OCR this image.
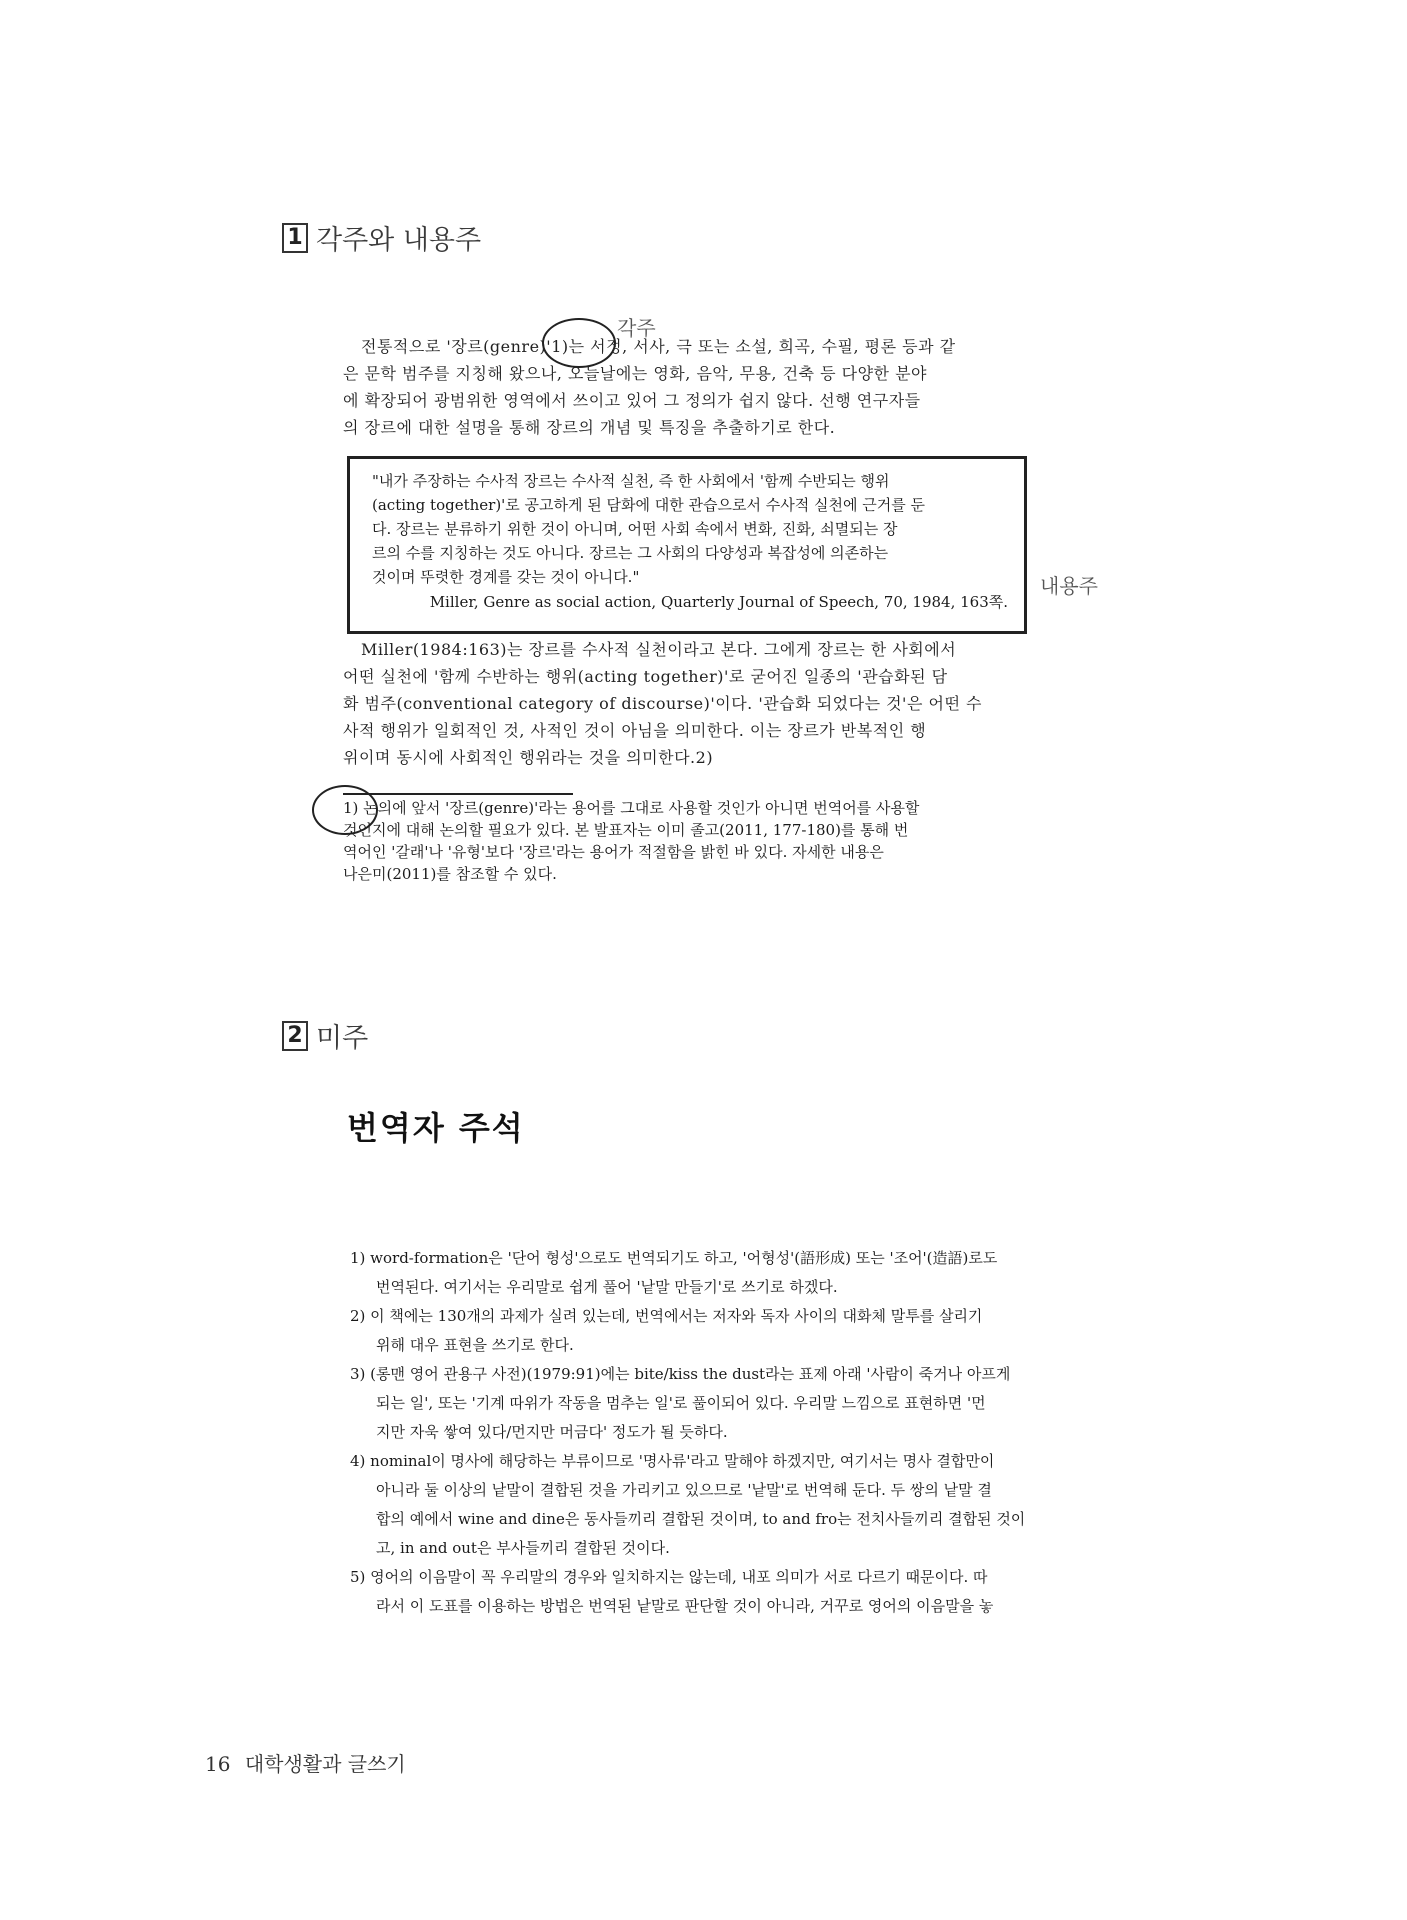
1 각주와 내용주
각주
내용주
전통적으로 '장르(genre)'1)는 서정, 서사, 극 또는 소설, 희곡, 수필, 평론 등과 같
은 문학 범주를 지칭해 왔으나, 오늘날에는 영화, 음악, 무용, 건축 등 다양한 분야
에 확장되어 광범위한 영역에서 쓰이고 있어 그 정의가 쉽지 않다. 선행 연구자들
의 장르에 대한 설명을 통해 장르의 개념 및 특징을 추출하기로 한다.
"내가 주장하는 수사적 장르는 수사적 실천, 즉 한 사회에서 '함께 수반되는 행위
(acting together)'로 공고하게 된 담화에 대한 관습으로서 수사적 실천에 근거를 둔
다. 장르는 분류하기 위한 것이 아니며, 어떤 사회 속에서 변화, 진화, 쇠멸되는 장
르의 수를 지칭하는 것도 아니다. 장르는 그 사회의 다양성과 복잡성에 의존하는
것이며 뚜렷한 경계를 갖는 것이 아니다."
Miller, Genre as social action, Quarterly Journal of Speech, 70, 1984, 163쪽.
Miller(1984:163)는 장르를 수사적 실천이라고 본다. 그에게 장르는 한 사회에서
어떤 실천에 '함께 수반하는 행위(acting together)'로 굳어진 일종의 '관습화된 담
화 범주(conventional category of discourse)'이다. '관습화 되었다는 것'은 어떤 수
사적 행위가 일회적인 것, 사적인 것이 아님을 의미한다. 이는 장르가 반복적인 행
위이며 동시에 사회적인 행위라는 것을 의미한다.2)
1) 논의에 앞서 '장르(genre)'라는 용어를 그대로 사용할 것인가 아니면 번역어를 사용할
것인지에 대해 논의할 필요가 있다. 본 발표자는 이미 졸고(2011, 177-180)를 통해 번
역어인 '갈래'나 '유형'보다 '장르'라는 용어가 적절함을 밝힌 바 있다. 자세한 내용은
나은미(2011)를 참조할 수 있다.
2 미주
번역자 주석
1) word-formation은 '단어 형성'으로도 번역되기도 하고, '어형성'(語形成) 또는 '조어'(造語)로도
번역된다. 여기서는 우리말로 쉽게 풀어 '낱말 만들기'로 쓰기로 하겠다.
2) 이 책에는 130개의 과제가 실려 있는데, 번역에서는 저자와 독자 사이의 대화체 말투를 살리기
위해 대우 표현을 쓰기로 한다.
3) (롱맨 영어 관용구 사전)(1979:91)에는 bite/kiss the dust라는 표제 아래 '사람이 죽거나 아프게
되는 일', 또는 '기계 따위가 작동을 멈추는 일'로 풀이되어 있다. 우리말 느낌으로 표현하면 '먼
지만 자욱 쌓여 있다/먼지만 머금다' 정도가 될 듯하다.
4) nominal이 명사에 해당하는 부류이므로 '명사류'라고 말해야 하겠지만, 여기서는 명사 결합만이
아니라 둘 이상의 낱말이 결합된 것을 가리키고 있으므로 '낱말'로 번역해 둔다. 두 쌍의 낱말 결
합의 예에서 wine and dine은 동사들끼리 결합된 것이며, to and fro는 전치사들끼리 결합된 것이
고, in and out은 부사들끼리 결합된 것이다.
5) 영어의 이음말이 꼭 우리말의 경우와 일치하지는 않는데, 내포 의미가 서로 다르기 때문이다. 따
라서 이 도표를 이용하는 방법은 번역된 낱말로 판단할 것이 아니라, 거꾸로 영어의 이음말을 놓
16 대학생활과 글쓰기
